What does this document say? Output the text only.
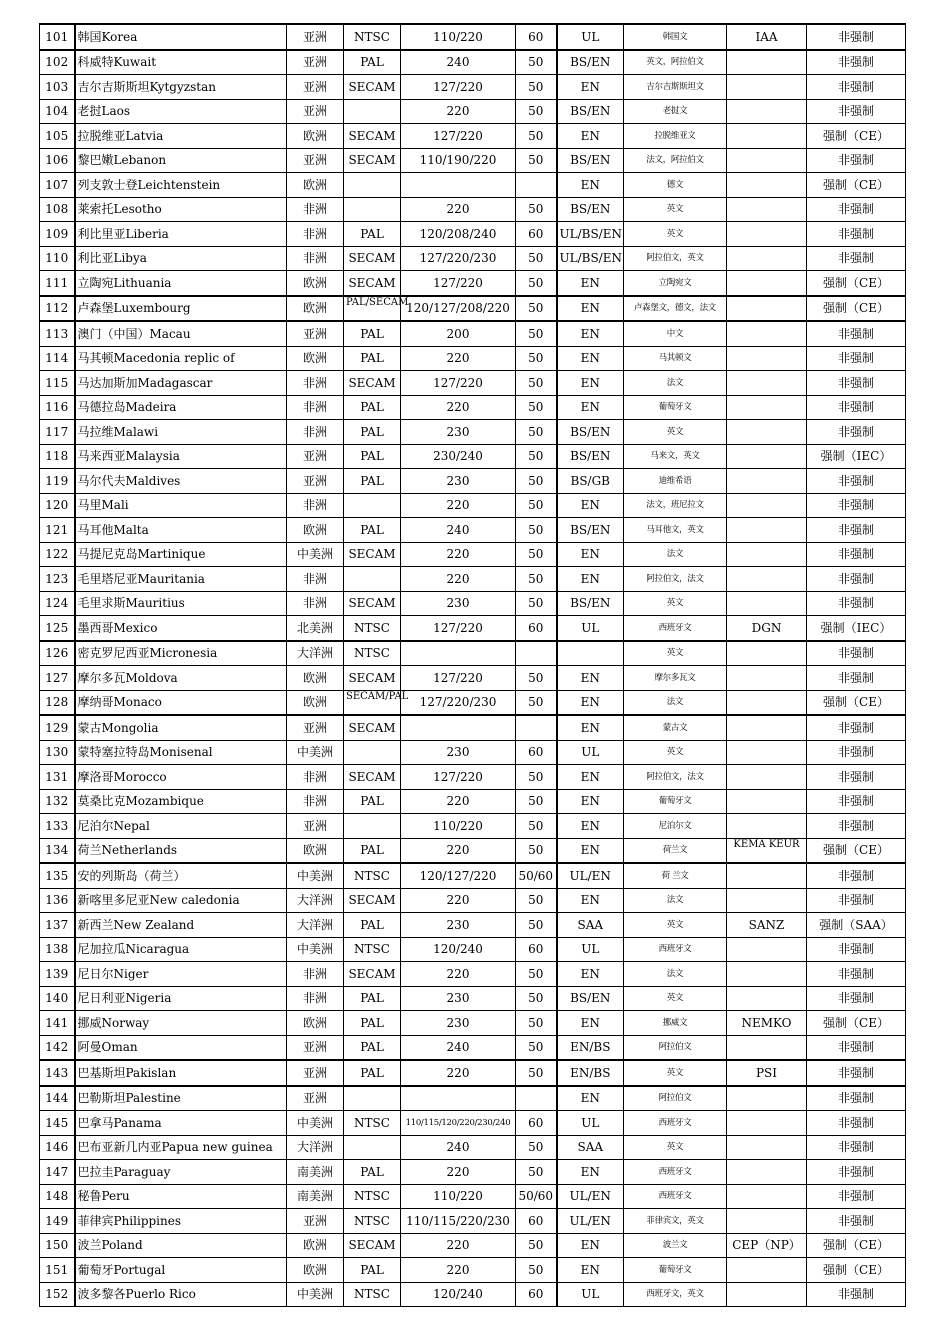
101	韩国Korea	亚洲	NTSC	110/220	60	UL	韩国文	IAA	非强制
102	科威特Kuwait	亚洲	PAL	240	50	BS/EN	英文，阿拉伯文		非强制
103	吉尔吉斯斯坦Kytgyzstan	亚洲	SECAM	127/220	50	EN	吉尔吉斯斯坦文		非强制
104	老挝Laos	亚洲		220	50	BS/EN	老挝文		非强制
105	拉脱维亚Latvia	欧洲	SECAM	127/220	50	EN	拉脱维亚文		强制（CE）
106	黎巴嫩Lebanon	亚洲	SECAM	110/190/220	50	BS/EN	法文，阿拉伯文		非强制
107	列支敦士登Leichtenstein	欧洲				EN	德文		强制（CE）
108	莱索托Lesotho	非洲		220	50	BS/EN	英文		非强制
109	利比里亚Liberia	非洲	PAL	120/208/240	60	UL/BS/EN	英文		非强制
110	利比亚Libya	非洲	SECAM	127/220/230	50	UL/BS/EN	阿拉伯文，英文		非强制
111	立陶宛Lithuania	欧洲	SECAM	127/220	50	EN	立陶宛文		强制（CE）
112	卢森堡Luxembourg	欧洲	PAL/SECAM	120/127/208/220	50	EN	卢森堡文，德文，法文		强制（CE）
113	澳门（中国）Macau	亚洲	PAL	200	50	EN	中文		非强制
114	马其顿Macedonia replic of	欧洲	PAL	220	50	EN	马其顿文		非强制
115	马达加斯加Madagascar	非洲	SECAM	127/220	50	EN	法文		非强制
116	马德拉岛Madeira	非洲	PAL	220	50	EN	葡萄牙文		非强制
117	马拉维Malawi	非洲	PAL	230	50	BS/EN	英文		非强制
118	马来西亚Malaysia	亚洲	PAL	230/240	50	BS/EN	马来文，英文		强制（IEC）
119	马尔代夫Maldives	亚洲	PAL	230	50	BS/GB	迪维希语		非强制
120	马里Mali	非洲		220	50	EN	法文，班尼拉文		非强制
121	马耳他Malta	欧洲	PAL	240	50	BS/EN	马耳他文，英文		非强制
122	马提尼克岛Martinique	中美洲	SECAM	220	50	EN	法文		非强制
123	毛里塔尼亚Mauritania	非洲		220	50	EN	阿拉伯文，法文		非强制
124	毛里求斯Mauritius	非洲	SECAM	230	50	BS/EN	英文		非强制
125	墨西哥Mexico	北美洲	NTSC	127/220	60	UL	西班牙文	DGN	强制（IEC）
126	密克罗尼西亚Micronesia	大洋洲	NTSC				英文		非强制
127	摩尔多瓦Moldova	欧洲	SECAM	127/220	50	EN	摩尔多瓦文		非强制
128	摩纳哥Monaco	欧洲	SECAM/PAL	127/220/230	50	EN	法文		强制（CE）
129	蒙古Mongolia	亚洲	SECAM			EN	蒙古文		非强制
130	蒙特塞拉特岛Monisenal	中美洲		230	60	UL	英文		非强制
131	摩洛哥Morocco	非洲	SECAM	127/220	50	EN	阿拉伯文，法文		非强制
132	莫桑比克Mozambique	非洲	PAL	220	50	EN	葡萄牙文		非强制
133	尼泊尔Nepal	亚洲		110/220	50	EN	尼泊尔文		非强制
134	荷兰Netherlands	欧洲	PAL	220	50	EN	荷兰文	KEMA KEUR	强制（CE）
135	安的列斯岛（荷兰）	中美洲	NTSC	120/127/220	50/60	UL/EN	荷 兰文		非强制
136	新喀里多尼亚New caledonia	大洋洲	SECAM	220	50	EN	法文		非强制
137	新西兰New Zealand	大洋洲	PAL	230	50	SAA	英文	SANZ	强制（SAA）
138	尼加拉瓜Nicaragua	中美洲	NTSC	120/240	60	UL	西班牙文		非强制
139	尼日尔Niger	非洲	SECAM	220	50	EN	法文		非强制
140	尼日利亚Nigeria	非洲	PAL	230	50	BS/EN	英文		非强制
141	挪威Norway	欧洲	PAL	230	50	EN	挪威文	NEMKO	强制（CE）
142	阿曼Oman	亚洲	PAL	240	50	EN/BS	阿拉伯文		非强制
143	巴基斯坦Pakislan	亚洲	PAL	220	50	EN/BS	英文	PSI	非强制
144	巴勒斯坦Palestine	亚洲				EN	阿拉伯文		非强制
145	巴拿马Panama	中美洲	NTSC	110/115/120/220/230/240	60	UL	西班牙文		非强制
146	巴布亚新几内亚Papua new guinea	大洋洲		240	50	SAA	英文		非强制
147	巴拉圭Paraguay	南美洲	PAL	220	50	EN	西班牙文		非强制
148	秘鲁Peru	南美洲	NTSC	110/220	50/60	UL/EN	西班牙文		非强制
149	菲律宾Philippines	亚洲	NTSC	110/115/220/230	60	UL/EN	菲律宾文，英文		非强制
150	波兰Poland	欧洲	SECAM	220	50	EN	波兰文	CEP（NP）	强制（CE）
151	葡萄牙Portugal	欧洲	PAL	220	50	EN	葡萄牙文		强制（CE）
152	波多黎各Puerlo Rico	中美洲	NTSC	120/240	60	UL	西班牙文，英文		非强制
